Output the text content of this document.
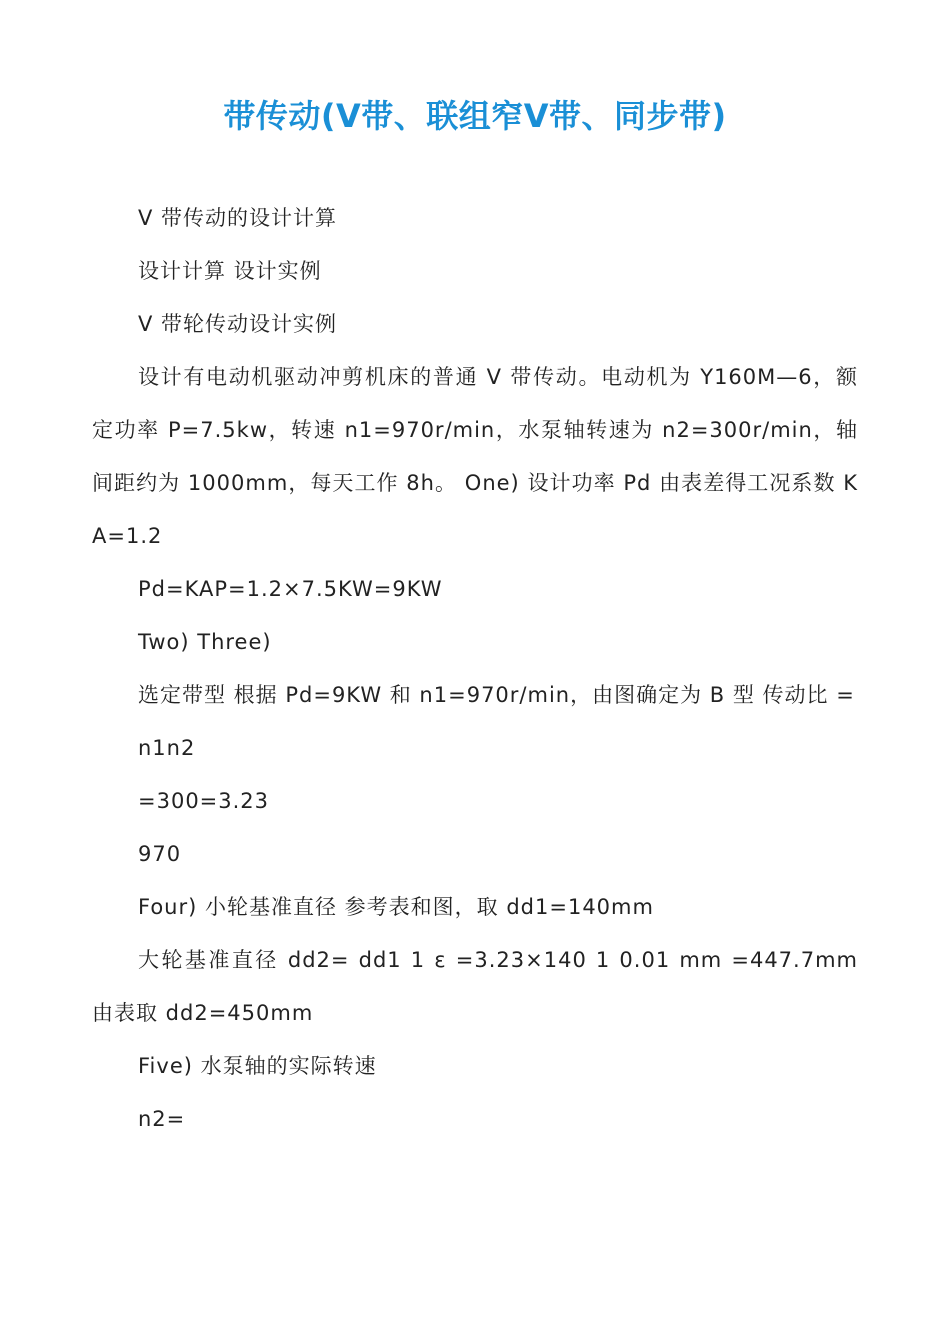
带传动(V带、联组窄V带、同步带)

V 带传动的设计计算

设计计算 设计实例

V 带轮传动设计实例

设计有电动机驱动冲剪机床的普通 V 带传动。电动机为 Y160M—6，额定功率 P=7.5kw，转速 n1=970r/min，水泵轴转速为 n2=300r/min，轴间距约为 1000mm，每天工作 8h。 One) 设计功率 Pd 由表差得工况系数 KA=1.2

Pd=KAP=1.2×7.5KW=9KW

Two) Three)

选定带型 根据 Pd=9KW 和 n1=970r/min，由图确定为 B 型 传动比 =

n1n2

=300=3.23

970

Four) 小轮基准直径 参考表和图，取 dd1=140mm

大轮基准直径 dd2= dd1 1 ε =3.23×140 1 0.01 mm =447.7mm 由表取 dd2=450mm

Five) 水泵轴的实际转速

n2=
